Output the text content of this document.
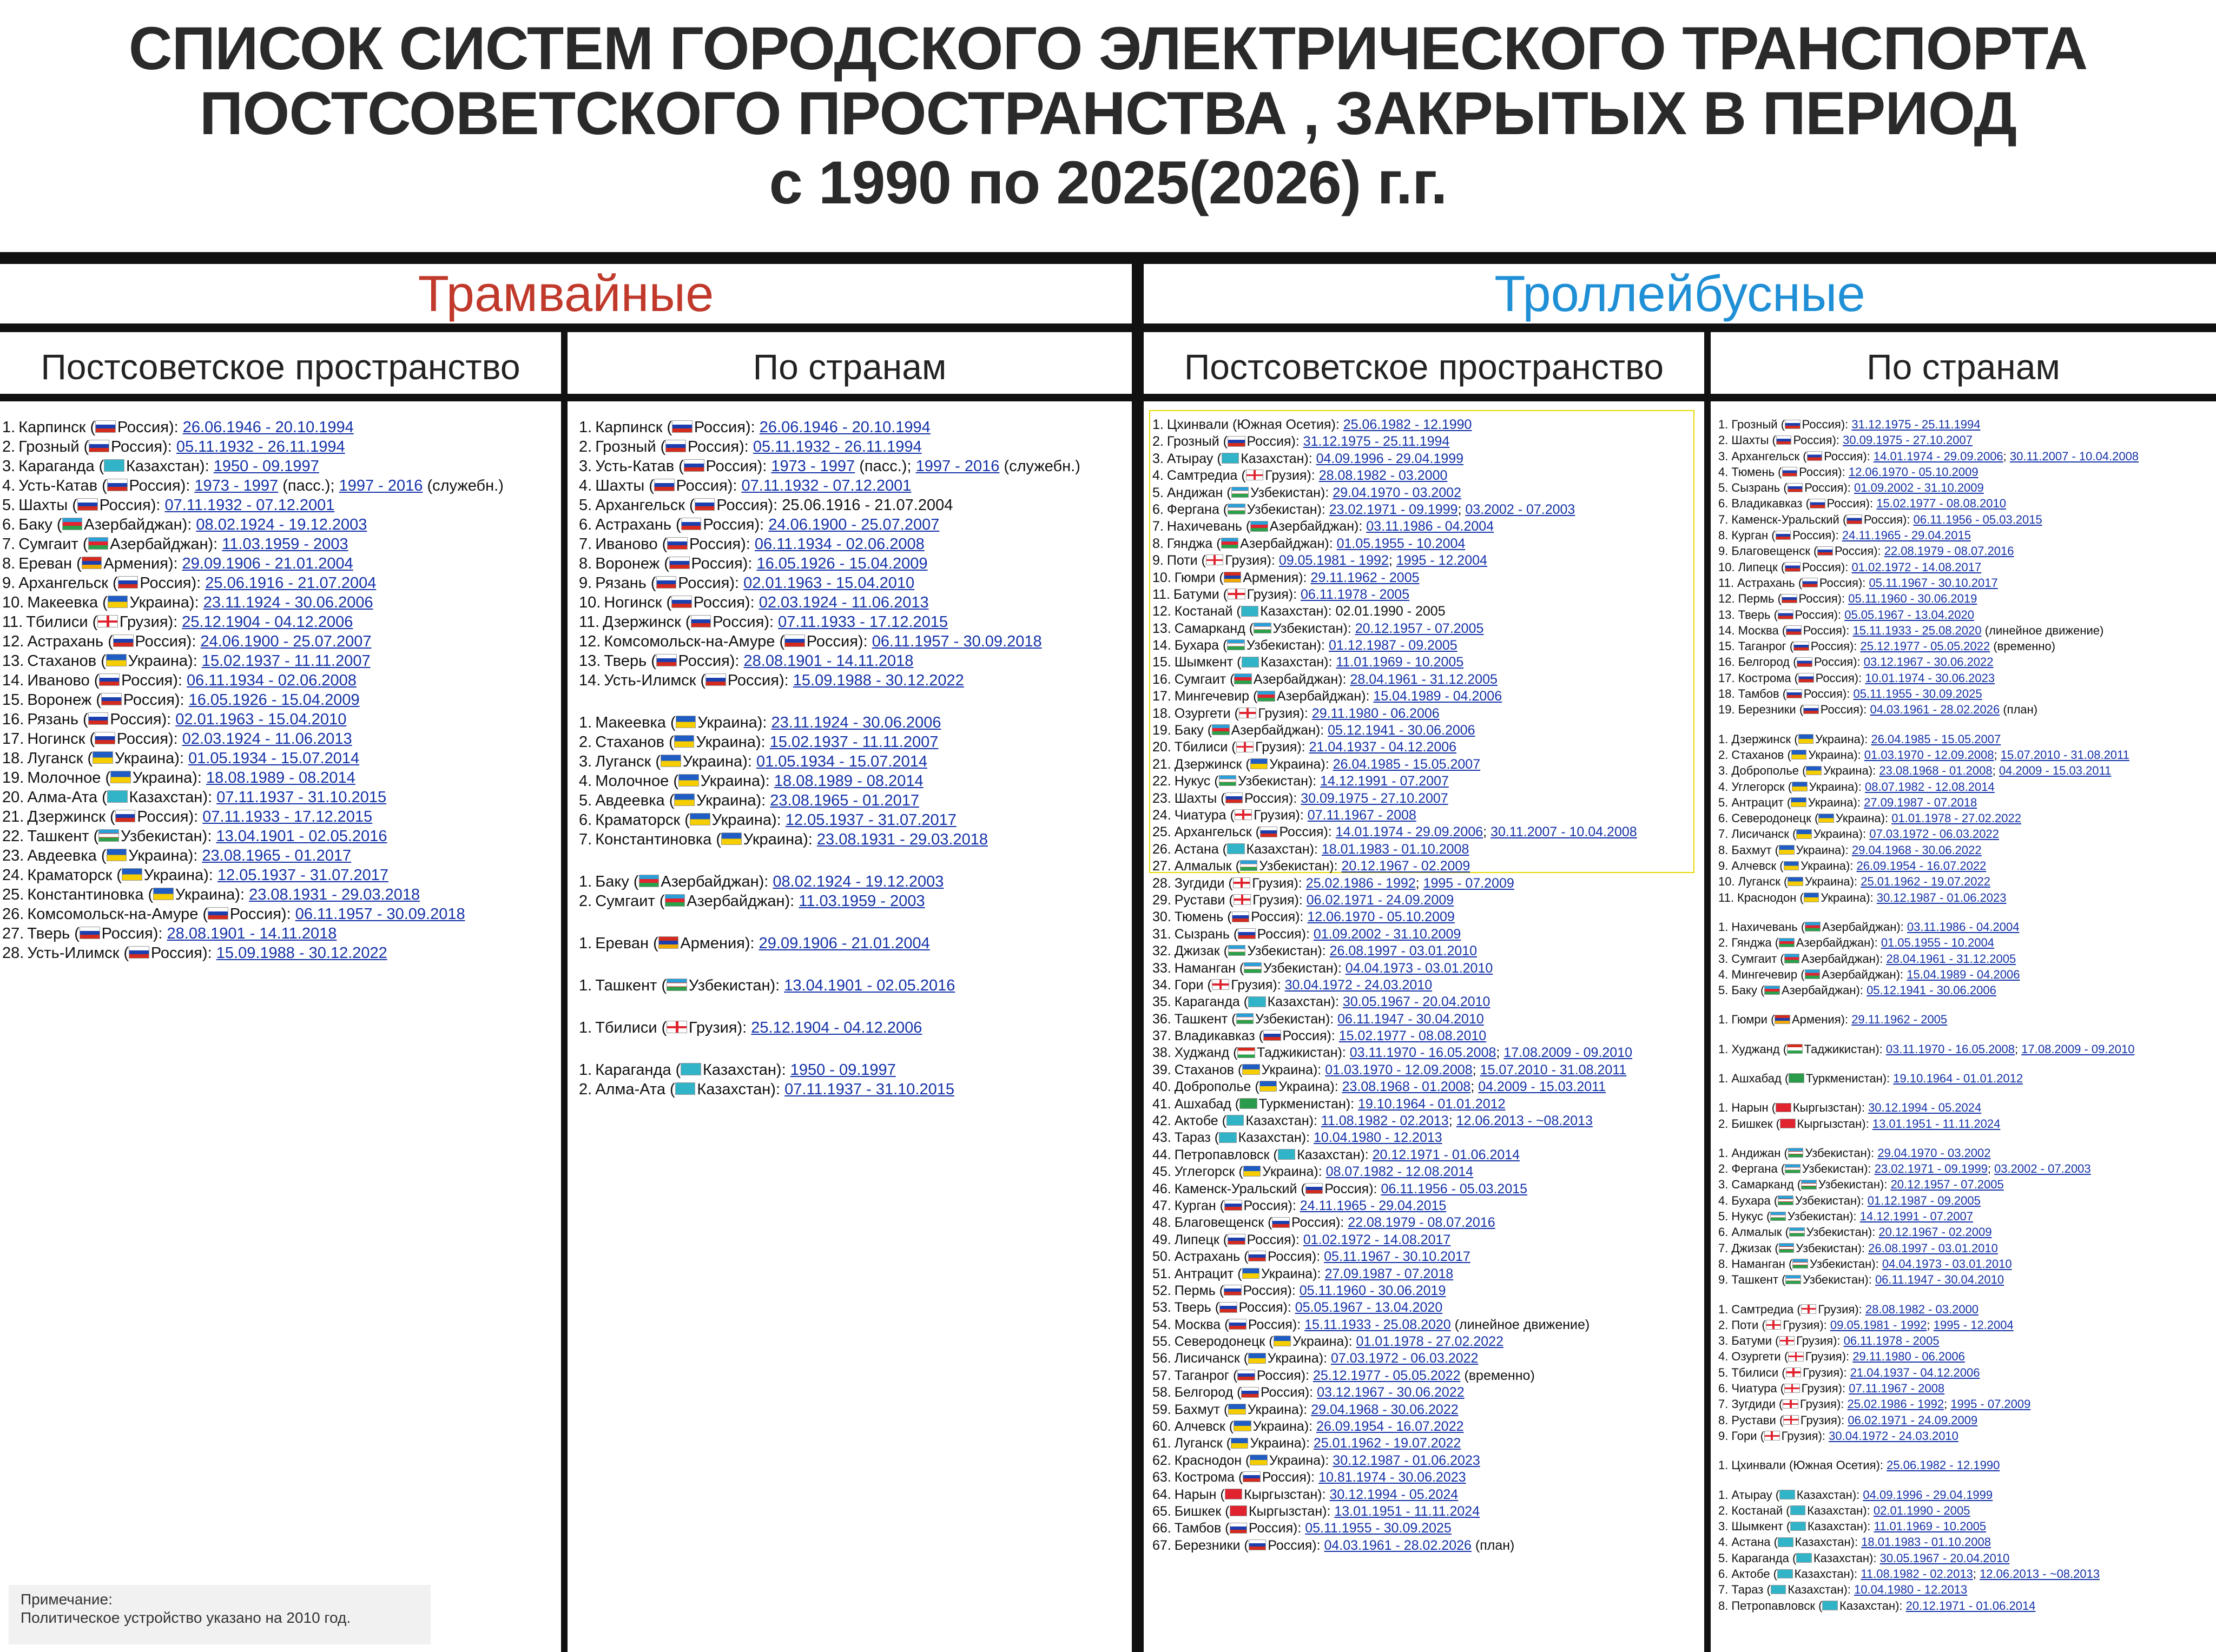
СПИСОК СИСТЕМ ГОРОДСКОГО ЭЛЕКТРИЧЕСКОГО ТРАНСПОРТА
ПОСТСОВЕТСКОГО ПРОСТРАНСТВА , ЗАКРЫТЫХ В ПЕРИОД
с 1990 по 2025(2026) г.г.
Трамвайные	Троллейбусные
Постсоветское пространство	По странам	Постсоветское пространство	По странам
1. Карпинск ( Россия): 26.06.1946 - 20.10.1994
2. Грозный ( Россия): 05.11.1932 - 26.11.1994
3. Караганда ( Казахстан): 1950 - 09.1997
4. Усть-Катав ( Россия): 1973 - 1997 (пасс.); 1997 - 2016 (служебн.)
5. Шахты ( Россия): 07.11.1932 - 07.12.2001
6. Баку ( Азербайджан): 08.02.1924 - 19.12.2003
7. Сумгаит ( Азербайджан): 11.03.1959 - 2003
8. Ереван ( Армения): 29.09.1906 - 21.01.2004
9. Архангельск ( Россия): 25.06.1916 - 21.07.2004
10. Макеевка ( Украина): 23.11.1924 - 30.06.2006
11. Тбилиси ( Грузия): 25.12.1904 - 04.12.2006
12. Астрахань ( Россия): 24.06.1900 - 25.07.2007
13. Стаханов ( Украина): 15.02.1937 - 11.11.2007
14. Иваново ( Россия): 06.11.1934 - 02.06.2008
15. Воронеж ( Россия): 16.05.1926 - 15.04.2009
16. Рязань ( Россия): 02.01.1963 - 15.04.2010
17. Ногинск ( Россия): 02.03.1924 - 11.06.2013
18. Луганск ( Украина): 01.05.1934 - 15.07.2014
19. Молочное ( Украина): 18.08.1989 - 08.2014
20. Алма-Ата ( Казахстан): 07.11.1937 - 31.10.2015
21. Дзержинск ( Россия): 07.11.1933 - 17.12.2015
22. Ташкент ( Узбекистан): 13.04.1901 - 02.05.2016
23. Авдеевка ( Украина): 23.08.1965 - 01.2017
24. Краматорск ( Украина): 12.05.1937 - 31.07.2017
25. Константиновка ( Украина): 23.08.1931 - 29.03.2018
26. Комсомольск-на-Амуре ( Россия): 06.11.1957 - 30.09.2018
27. Тверь ( Россия): 28.08.1901 - 14.11.2018
28. Усть-Илимск ( Россия): 15.09.1988 - 30.12.2022
1. Карпинск ( Россия): 26.06.1946 - 20.10.1994
2. Грозный ( Россия): 05.11.1932 - 26.11.1994
3. Усть-Катав ( Россия): 1973 - 1997 (пасс.); 1997 - 2016 (служебн.)
4. Шахты ( Россия): 07.11.1932 - 07.12.2001
5. Архангельск ( Россия): 25.06.1916 - 21.07.2004
6. Астрахань ( Россия): 24.06.1900 - 25.07.2007
7. Иваново ( Россия): 06.11.1934 - 02.06.2008
8. Воронеж ( Россия): 16.05.1926 - 15.04.2009
9. Рязань ( Россия): 02.01.1963 - 15.04.2010
10. Ногинск ( Россия): 02.03.1924 - 11.06.2013
11. Дзержинск ( Россия): 07.11.1933 - 17.12.2015
12. Комсомольск-на-Амуре ( Россия): 06.11.1957 - 30.09.2018
13. Тверь ( Россия): 28.08.1901 - 14.11.2018
14. Усть-Илимск ( Россия): 15.09.1988 - 30.12.2022
1. Макеевка ( Украина): 23.11.1924 - 30.06.2006
2. Стаханов ( Украина): 15.02.1937 - 11.11.2007
3. Луганск ( Украина): 01.05.1934 - 15.07.2014
4. Молочное ( Украина): 18.08.1989 - 08.2014
5. Авдеевка ( Украина): 23.08.1965 - 01.2017
6. Краматорск ( Украина): 12.05.1937 - 31.07.2017
7. Константиновка ( Украина): 23.08.1931 - 29.03.2018
1. Баку ( Азербайджан): 08.02.1924 - 19.12.2003
2. Сумгаит ( Азербайджан): 11.03.1959 - 2003
1. Ереван ( Армения): 29.09.1906 - 21.01.2004
1. Ташкент ( Узбекистан): 13.04.1901 - 02.05.2016
1. Тбилиси ( Грузия): 25.12.1904 - 04.12.2006
1. Караганда ( Казахстан): 1950 - 09.1997
2. Алма-Ата ( Казахстан): 07.11.1937 - 31.10.2015
1. Цхинвали (Южная Осетия): 25.06.1982 - 12.1990
2. Грозный ( Россия): 31.12.1975 - 25.11.1994
3. Атырау ( Казахстан): 04.09.1996 - 29.04.1999
4. Самтредиа ( Грузия): 28.08.1982 - 03.2000
5. Андижан ( Узбекистан): 29.04.1970 - 03.2002
6. Фергана ( Узбекистан): 23.02.1971 - 09.1999; 03.2002 - 07.2003
7. Нахичевань ( Азербайджан): 03.11.1986 - 04.2004
8. Гянджа ( Азербайджан): 01.05.1955 - 10.2004
9. Поти ( Грузия): 09.05.1981 - 1992; 1995 - 12.2004
10. Гюмри ( Армения): 29.11.1962 - 2005
11. Батуми ( Грузия): 06.11.1978 - 2005
12. Костанай ( Казахстан): 02.01.1990 - 2005
13. Самарканд ( Узбекистан): 20.12.1957 - 07.2005
14. Бухара ( Узбекистан): 01.12.1987 - 09.2005
15. Шымкент ( Казахстан): 11.01.1969 - 10.2005
16. Сумгаит ( Азербайджан): 28.04.1961 - 31.12.2005
17. Мингечевир ( Азербайджан): 15.04.1989 - 04.2006
18. Озургети ( Грузия): 29.11.1980 - 06.2006
19. Баку ( Азербайджан): 05.12.1941 - 30.06.2006
20. Тбилиси ( Грузия): 21.04.1937 - 04.12.2006
21. Дзержинск ( Украина): 26.04.1985 - 15.05.2007
22. Нукус ( Узбекистан): 14.12.1991 - 07.2007
23. Шахты ( Россия): 30.09.1975 - 27.10.2007
24. Чиатура ( Грузия): 07.11.1967 - 2008
25. Архангельск ( Россия): 14.01.1974 - 29.09.2006; 30.11.2007 - 10.04.2008
26. Астана ( Казахстан): 18.01.1983 - 01.10.2008
27. Алмалык ( Узбекистан): 20.12.1967 - 02.2009
28. Зугдиди ( Грузия): 25.02.1986 - 1992; 1995 - 07.2009
29. Рустави ( Грузия): 06.02.1971 - 24.09.2009
30. Тюмень ( Россия): 12.06.1970 - 05.10.2009
31. Сызрань ( Россия): 01.09.2002 - 31.10.2009
32. Джизак ( Узбекистан): 26.08.1997 - 03.01.2010
33. Наманган ( Узбекистан): 04.04.1973 - 03.01.2010
34. Гори ( Грузия): 30.04.1972 - 24.03.2010
35. Караганда ( Казахстан): 30.05.1967 - 20.04.2010
36. Ташкент ( Узбекистан): 06.11.1947 - 30.04.2010
37. Владикавказ ( Россия): 15.02.1977 - 08.08.2010
38. Худжанд ( Таджикистан): 03.11.1970 - 16.05.2008; 17.08.2009 - 09.2010
39. Стаханов ( Украина): 01.03.1970 - 12.09.2008; 15.07.2010 - 31.08.2011
40. Доброполье ( Украина): 23.08.1968 - 01.2008; 04.2009 - 15.03.2011
41. Ашхабад ( Туркменистан): 19.10.1964 - 01.01.2012
42. Актобе ( Казахстан): 11.08.1982 - 02.2013; 12.06.2013 - ~08.2013
43. Тараз ( Казахстан): 10.04.1980 - 12.2013
44. Петропавловск ( Казахстан): 20.12.1971 - 01.06.2014
45. Углегорск ( Украина): 08.07.1982 - 12.08.2014
46. Каменск-Уральский ( Россия): 06.11.1956 - 05.03.2015
47. Курган ( Россия): 24.11.1965 - 29.04.2015
48. Благовещенск ( Россия): 22.08.1979 - 08.07.2016
49. Липецк ( Россия): 01.02.1972 - 14.08.2017
50. Астрахань ( Россия): 05.11.1967 - 30.10.2017
51. Антрацит ( Украина): 27.09.1987 - 07.2018
52. Пермь ( Россия): 05.11.1960 - 30.06.2019
53. Тверь ( Россия): 05.05.1967 - 13.04.2020
54. Москва ( Россия): 15.11.1933 - 25.08.2020 (линейное движение)
55. Северодонецк ( Украина): 01.01.1978 - 27.02.2022
56. Лисичанск ( Украина): 07.03.1972 - 06.03.2022
57. Таганрог ( Россия): 25.12.1977 - 05.05.2022 (временно)
58. Белгород ( Россия): 03.12.1967 - 30.06.2022
59. Бахмут ( Украина): 29.04.1968 - 30.06.2022
60. Алчевск ( Украина): 26.09.1954 - 16.07.2022
61. Луганск ( Украина): 25.01.1962 - 19.07.2022
62. Краснодон ( Украина): 30.12.1987 - 01.06.2023
63. Кострома ( Россия): 10.81.1974 - 30.06.2023
64. Нарын ( Кыргызстан): 30.12.1994 - 05.2024
65. Бишкек ( Кыргызстан): 13.01.1951 - 11.11.2024
66. Тамбов ( Россия): 05.11.1955 - 30.09.2025
67. Березники ( Россия): 04.03.1961 - 28.02.2026 (план)
1. Грозный ( Россия): 31.12.1975 - 25.11.1994
2. Шахты ( Россия): 30.09.1975 - 27.10.2007
3. Архангельск ( Россия): 14.01.1974 - 29.09.2006; 30.11.2007 - 10.04.2008
4. Тюмень ( Россия): 12.06.1970 - 05.10.2009
5. Сызрань ( Россия): 01.09.2002 - 31.10.2009
6. Владикавказ ( Россия): 15.02.1977 - 08.08.2010
7. Каменск-Уральский ( Россия): 06.11.1956 - 05.03.2015
8. Курган ( Россия): 24.11.1965 - 29.04.2015
9. Благовещенск ( Россия): 22.08.1979 - 08.07.2016
10. Липецк ( Россия): 01.02.1972 - 14.08.2017
11. Астрахань ( Россия): 05.11.1967 - 30.10.2017
12. Пермь ( Россия): 05.11.1960 - 30.06.2019
13. Тверь ( Россия): 05.05.1967 - 13.04.2020
14. Москва ( Россия): 15.11.1933 - 25.08.2020 (линейное движение)
15. Таганрог ( Россия): 25.12.1977 - 05.05.2022 (временно)
16. Белгород ( Россия): 03.12.1967 - 30.06.2022
17. Кострома ( Россия): 10.01.1974 - 30.06.2023
18. Тамбов ( Россия): 05.11.1955 - 30.09.2025
19. Березники ( Россия): 04.03.1961 - 28.02.2026 (план)
1. Дзержинск ( Украина): 26.04.1985 - 15.05.2007
2. Стаханов ( Украина): 01.03.1970 - 12.09.2008; 15.07.2010 - 31.08.2011
3. Доброполье ( Украина): 23.08.1968 - 01.2008; 04.2009 - 15.03.2011
4. Углегорск ( Украина): 08.07.1982 - 12.08.2014
5. Антрацит ( Украина): 27.09.1987 - 07.2018
6. Северодонецк ( Украина): 01.01.1978 - 27.02.2022
7. Лисичанск ( Украина): 07.03.1972 - 06.03.2022
8. Бахмут ( Украина): 29.04.1968 - 30.06.2022
9. Алчевск ( Украина): 26.09.1954 - 16.07.2022
10. Луганск ( Украина): 25.01.1962 - 19.07.2022
11. Краснодон ( Украина): 30.12.1987 - 01.06.2023
1. Нахичевань ( Азербайджан): 03.11.1986 - 04.2004
2. Гянджа ( Азербайджан): 01.05.1955 - 10.2004
3. Сумгаит ( Азербайджан): 28.04.1961 - 31.12.2005
4. Мингечевир ( Азербайджан): 15.04.1989 - 04.2006
5. Баку ( Азербайджан): 05.12.1941 - 30.06.2006
1. Гюмри ( Армения): 29.11.1962 - 2005
1. Худжанд ( Таджикистан): 03.11.1970 - 16.05.2008; 17.08.2009 - 09.2010
1. Ашхабад ( Туркменистан): 19.10.1964 - 01.01.2012
1. Нарын ( Кыргызстан): 30.12.1994 - 05.2024
2. Бишкек ( Кыргызстан): 13.01.1951 - 11.11.2024
1. Андижан ( Узбекистан): 29.04.1970 - 03.2002
2. Фергана ( Узбекистан): 23.02.1971 - 09.1999; 03.2002 - 07.2003
3. Самарканд ( Узбекистан): 20.12.1957 - 07.2005
4. Бухара ( Узбекистан): 01.12.1987 - 09.2005
5. Нукус ( Узбекистан): 14.12.1991 - 07.2007
6. Алмалык ( Узбекистан): 20.12.1967 - 02.2009
7. Джизак ( Узбекистан): 26.08.1997 - 03.01.2010
8. Наманган ( Узбекистан): 04.04.1973 - 03.01.2010
9. Ташкент ( Узбекистан): 06.11.1947 - 30.04.2010
1. Самтредиа ( Грузия): 28.08.1982 - 03.2000
2. Поти ( Грузия): 09.05.1981 - 1992; 1995 - 12.2004
3. Батуми ( Грузия): 06.11.1978 - 2005
4. Озургети ( Грузия): 29.11.1980 - 06.2006
5. Тбилиси ( Грузия): 21.04.1937 - 04.12.2006
6. Чиатура ( Грузия): 07.11.1967 - 2008
7. Зугдиди ( Грузия): 25.02.1986 - 1992; 1995 - 07.2009
8. Рустави ( Грузия): 06.02.1971 - 24.09.2009
9. Гори ( Грузия): 30.04.1972 - 24.03.2010
1. Цхинвали (Южная Осетия): 25.06.1982 - 12.1990
1. Атырау ( Казахстан): 04.09.1996 - 29.04.1999
2. Костанай ( Казахстан): 02.01.1990 - 2005
3. Шымкент ( Казахстан): 11.01.1969 - 10.2005
4. Астана ( Казахстан): 18.01.1983 - 01.10.2008
5. Караганда ( Казахстан): 30.05.1967 - 20.04.2010
6. Актобе ( Казахстан): 11.08.1982 - 02.2013; 12.06.2013 - ~08.2013
7. Тараз ( Казахстан): 10.04.1980 - 12.2013
8. Петропавловск ( Казахстан): 20.12.1971 - 01.06.2014
Примечание:
Политическое устройство указано на 2010 год.
